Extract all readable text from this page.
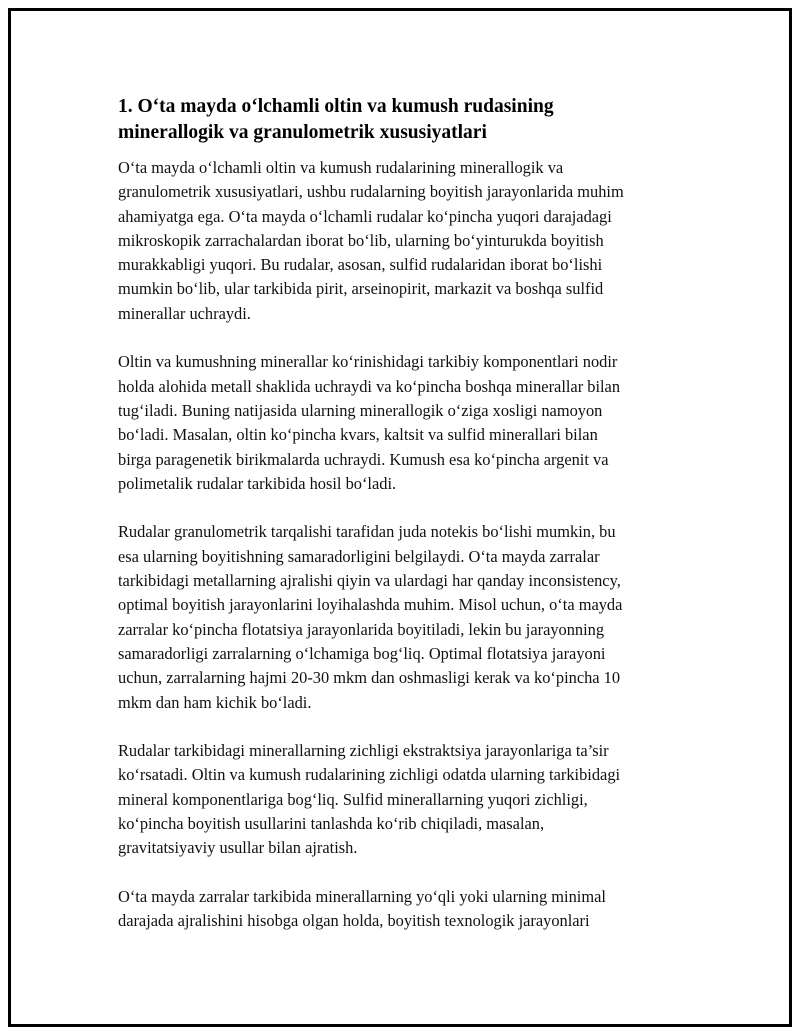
1. O‘ta mayda o‘lchamli oltin va kumush rudasining
minerallogik va granulometrik xususiyatlari

O‘ta mayda o‘lchamli oltin va kumush rudalarining minerallogik va
granulometrik xususiyatlari, ushbu rudalarning boyitish jarayonlarida muhim
ahamiyatga ega. O‘ta mayda o‘lchamli rudalar ko‘pincha yuqori darajadagi
mikroskopik zarrachalardan iborat bo‘lib, ularning bo‘yinturukda boyitish
murakkabligi yuqori. Bu rudalar, asosan, sulfid rudalaridan iborat bo‘lishi
mumkin bo‘lib, ular tarkibida pirit, arseinopirit, markazit va boshqa sulfid
minerallar uchraydi.

Oltin va kumushning minerallar ko‘rinishidagi tarkibiy komponentlari nodir
holda alohida metall shaklida uchraydi va ko‘pincha boshqa minerallar bilan
tug‘iladi. Buning natijasida ularning minerallogik o‘ziga xosligi namoyon
bo‘ladi. Masalan, oltin ko‘pincha kvars, kaltsit va sulfid minerallari bilan
birga paragenetik birikmalarda uchraydi. Kumush esa ko‘pincha argenit va
polimetalik rudalar tarkibida hosil bo‘ladi.

Rudalar granulometrik tarqalishi tarafidan juda notekis bo‘lishi mumkin, bu
esa ularning boyitishning samaradorligini belgilaydi. O‘ta mayda zarralar
tarkibidagi metallarning ajralishi qiyin va ulardagi har qanday inconsistency,
optimal boyitish jarayonlarini loyihalashda muhim. Misol uchun, o‘ta mayda
zarralar ko‘pincha flotatsiya jarayonlarida boyitiladi, lekin bu jarayonning
samaradorligi zarralarning o‘lchamiga bog‘liq. Optimal flotatsiya jarayoni
uchun, zarralarning hajmi 20-30 mkm dan oshmasligi kerak va ko‘pincha 10
mkm dan ham kichik bo‘ladi.

Rudalar tarkibidagi minerallarning zichligi ekstraktsiya jarayonlariga ta’sir
ko‘rsatadi. Oltin va kumush rudalarining zichligi odatda ularning tarkibidagi
mineral komponentlariga bog‘liq. Sulfid minerallarning yuqori zichligi,
ko‘pincha boyitish usullarini tanlashda ko‘rib chiqiladi, masalan,
gravitatsiyaviy usullar bilan ajratish.

O‘ta mayda zarralar tarkibida minerallarning yo‘qli yoki ularning minimal
darajada ajralishini hisobga olgan holda, boyitish texnologik jarayonlari
